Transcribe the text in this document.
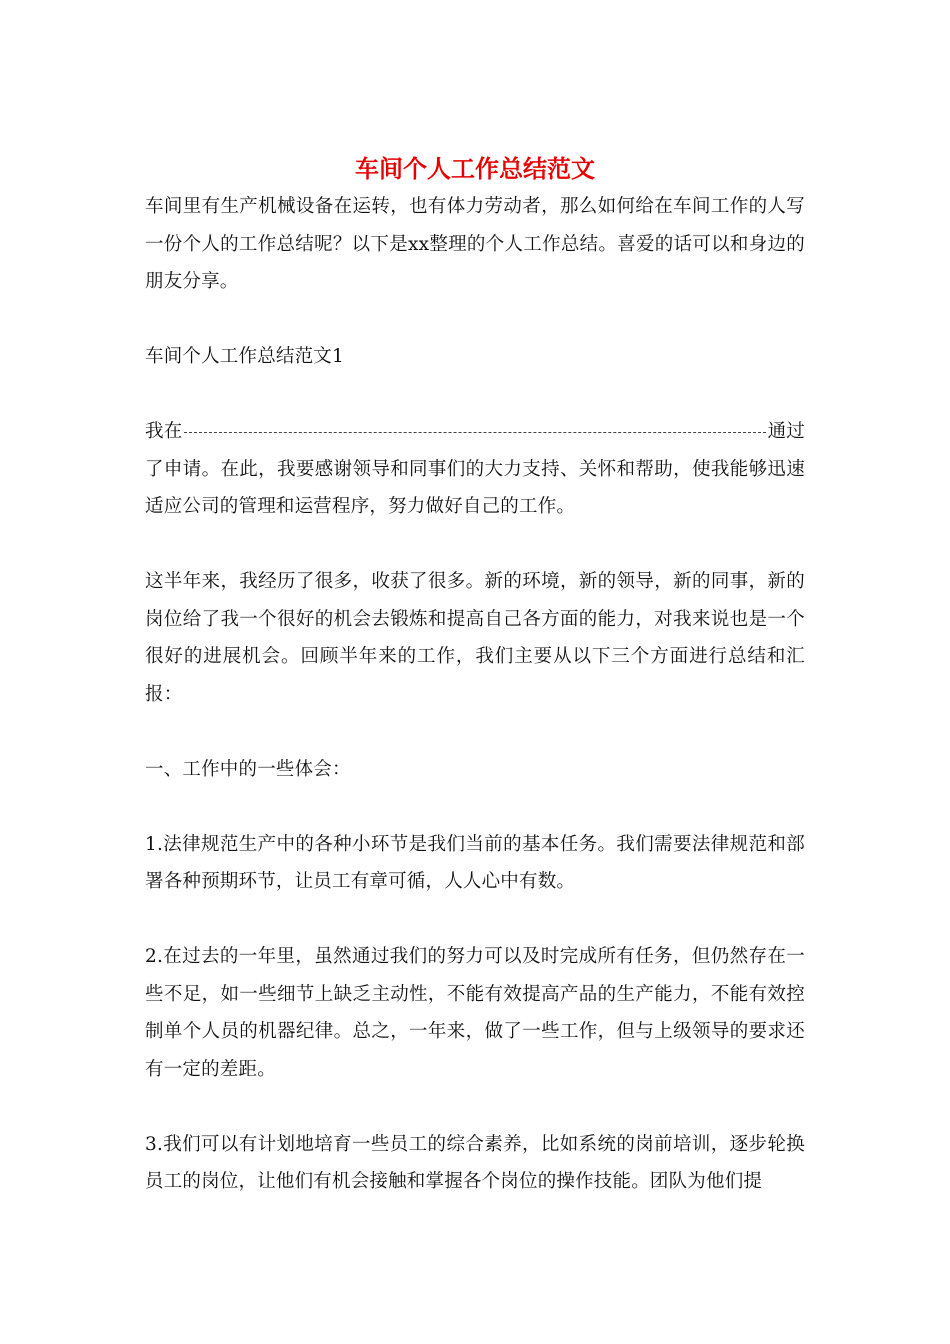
车间个人工作总结范文

车间里有生产机械设备在运转，也有体力劳动者，那么如何给在车间工作的人写一份个人的工作总结呢？以下是xx整理的个人工作总结。喜爱的话可以和身边的朋友分享。

车间个人工作总结范文1

我在	通过

了申请。在此，我要感谢领导和同事们的大力支持、关怀和帮助，使我能够迅速适应公司的管理和运营程序，努力做好自己的工作。

这半年来，我经历了很多，收获了很多。新的环境，新的领导，新的同事，新的岗位给了我一个很好的机会去锻炼和提高自己各方面的能力，对我来说也是一个很好的进展机会。回顾半年来的工作，我们主要从以下三个方面进行总结和汇报：

一、工作中的一些体会：

1.法律规范生产中的各种小环节是我们当前的基本任务。我们需要法律规范和部署各种预期环节，让员工有章可循，人人心中有数。

2.在过去的一年里，虽然通过我们的努力可以及时完成所有任务，但仍然存在一些不足，如一些细节上缺乏主动性，不能有效提高产品的生产能力，不能有效控制单个人员的机器纪律。总之，一年来，做了一些工作，但与上级领导的要求还有一定的差距。

3.我们可以有计划地培育一些员工的综合素养，比如系统的岗前培训，逐步轮换员工的岗位，让他们有机会接触和掌握各个岗位的操作技能。团队为他们提
